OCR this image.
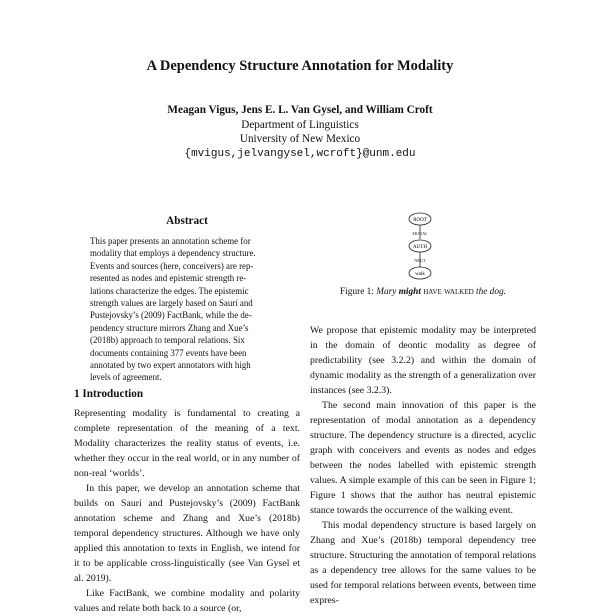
A Dependency Structure Annotation for Modality
Meagan Vigus, Jens E. L. Van Gysel, and William Croft
Department of Linguistics
University of New Mexico
{mvigus,jelvangysel,wcroft}@unm.edu
Abstract
This paper presents an annotation scheme for
modality that employs a dependency structure.
Events and sources (here, conceivers) are rep-
resented as nodes and epistemic strength re-
lations characterize the edges. The epistemic
strength values are largely based on Saurí and
Pustejovsky’s (2009) FactBank, while the de-
pendency structure mirrors Zhang and Xue’s
(2018b) approach to temporal relations. Six
documents containing 377 events have been
annotated by two expert annotators with high
levels of agreement.
1 Introduction

Representing modality is fundamental to creating a complete representation of the meaning of a text. Modality characterizes the reality status of events, i.e. whether they occur in the real world, or in any number of non-real ‘worlds’.

In this paper, we develop an annotation scheme that builds on Saurí and Pustejovsky’s (2009) FactBank annotation scheme and Zhang and Xue’s (2018b) temporal dependency structures. Although we have only applied this annotation to texts in English, we intend for it to be applicable cross-linguistically (see Van Gysel et al. 2019).

Like FactBank, we combine modality and polarity values and relate both back to a source (or,

ROOT
AUTH
walk
MODAL
NEUT
Figure 1: Mary might have walked the dog.

We propose that epistemic modality may be interpreted in the domain of deontic modality as degree of predictability (see 3.2.2) and within the domain of dynamic modality as the strength of a generalization over instances (see 3.2.3).

The second main innovation of this paper is the representation of modal annotation as a dependency structure. The dependency structure is a directed, acyclic graph with conceivers and events as nodes and edges between the nodes labelled with epistemic strength values. A simple example of this can be seen in Figure 1; Figure 1 shows that the author has neutral epistemic stance towards the occurrence of the walking event.

This modal dependency structure is based largely on Zhang and Xue’s (2018b) temporal dependency tree structure. Structuring the annotation of temporal relations as a dependency tree allows for the same values to be used for temporal relations between events, between time expres-
